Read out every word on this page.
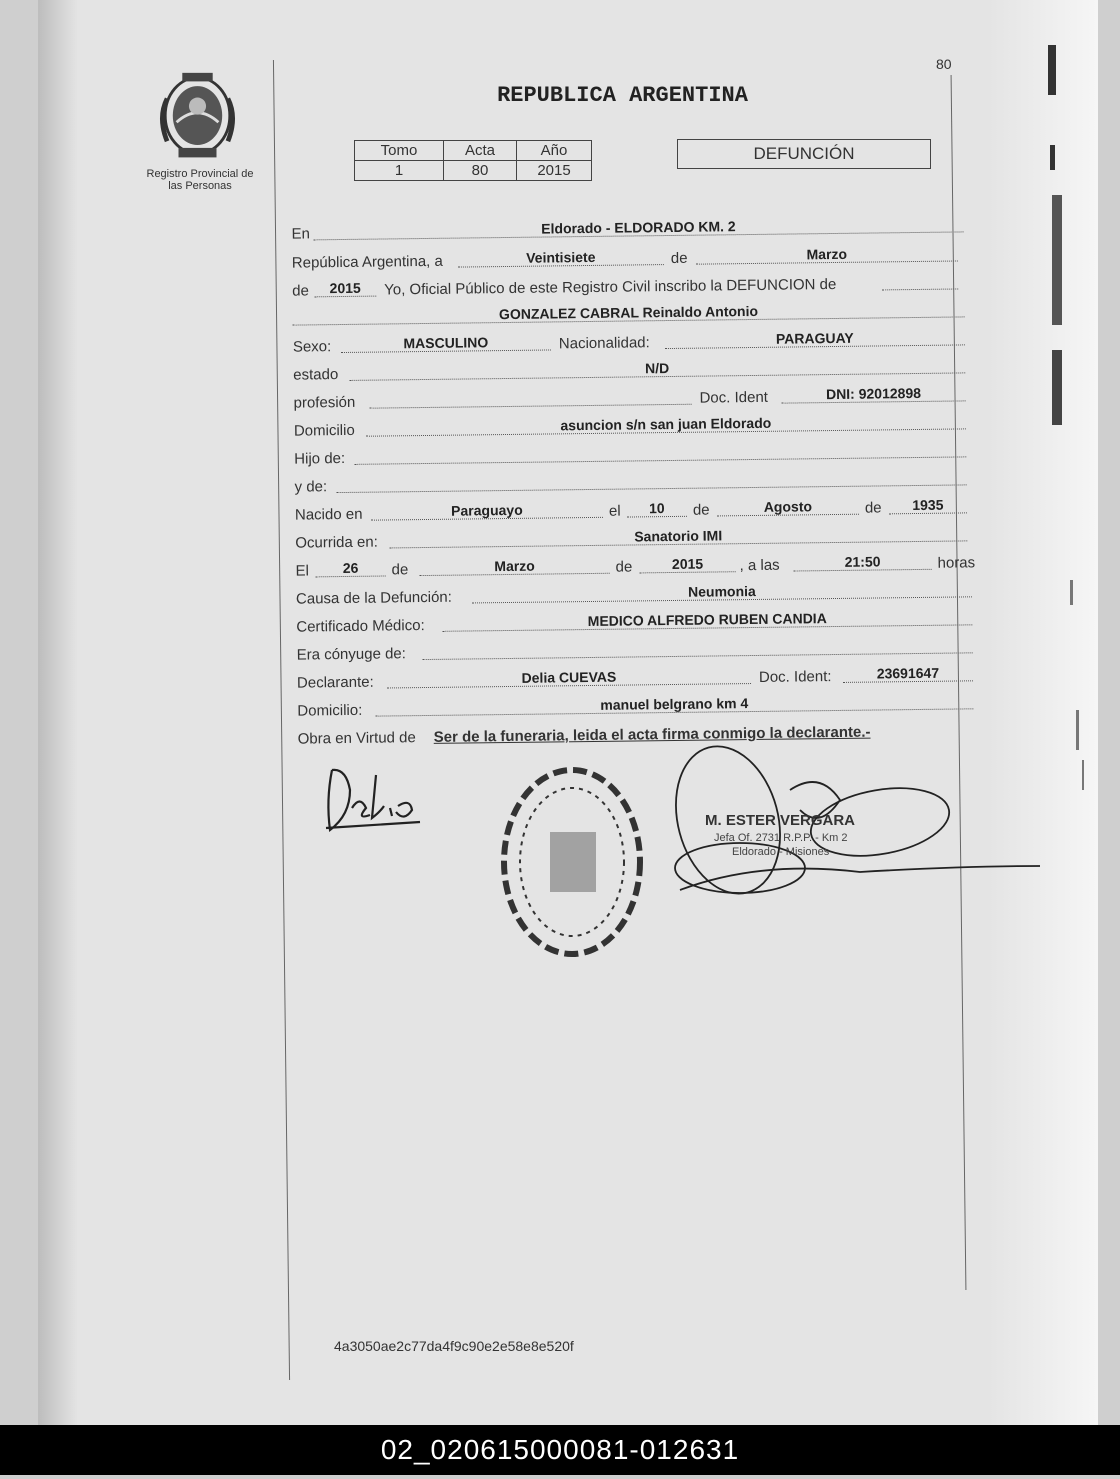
Registro Provincial de
las Personas
80
REPUBLICA ARGENTINA
Tomo	Acta	Año
1	80	2015
DEFUNCIÓN
En	Eldorado - ELDORADO KM. 2
República Argentina, a	Veintisiete	de	Marzo
de	2015	Yo, Oficial Público de este Registro Civil inscribo la DEFUNCION de
GONZALEZ CABRAL Reinaldo Antonio
Sexo:	MASCULINO	Nacionalidad:	PARAGUAY
estado	N/D
profesión	Doc. Ident	DNI: 92012898
Domicilio	asuncion s/n san juan Eldorado
Hijo de:
y de:
Nacido en	Paraguayo	el	10	de	Agosto	de	1935
Ocurrida en:	Sanatorio IMI
El	26	de	Marzo	de	2015	, a las	21:50	horas
Causa de la Defunción:	Neumonia
Certificado Médico:	MEDICO ALFREDO RUBEN CANDIA
Era cónyuge de:
Declarante:	Delia CUEVAS	Doc. Ident:	23691647
Domicilio:	manuel belgrano km 4
Obra en Virtud de Ser de la funeraria, leida el acta firma conmigo la declarante.-
M. ESTER VERGARA
Jefa Of. 2731 R.P.P. - Km 2
Eldorado - Misiones
4a3050ae2c77da4f9c90e2e58e8e520f
02_020615000081-012631
